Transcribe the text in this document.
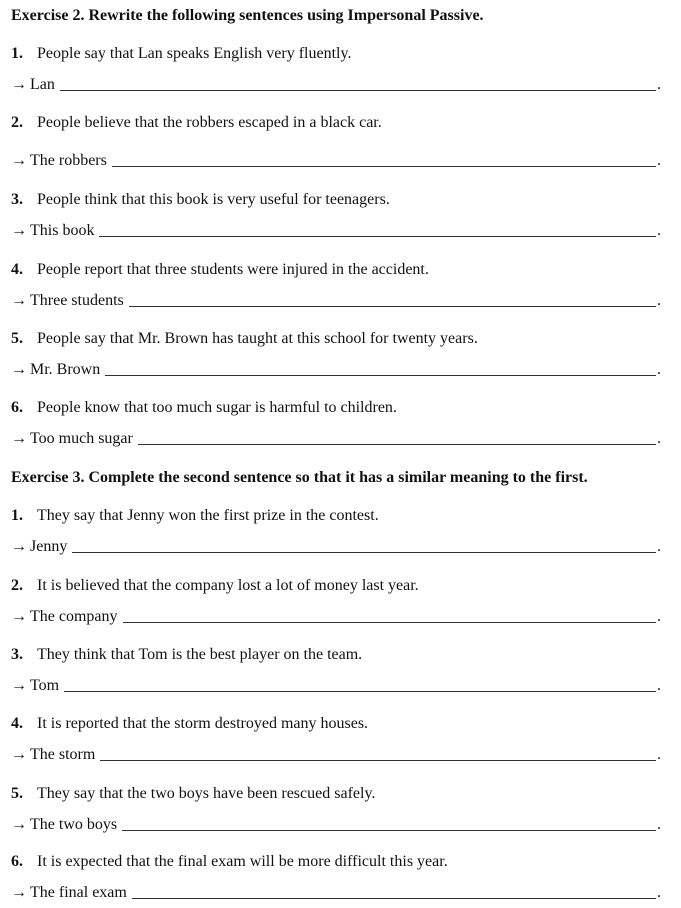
Exercise 2. Rewrite the following sentences using Impersonal Passive.
1. People say that Lan speaks English very fluently.
→ Lan	.
2. People believe that the robbers escaped in a black car.
→ The robbers	.
3. People think that this book is very useful for teenagers.
→ This book	.
4. People report that three students were injured in the accident.
→ Three students	.
5. People say that Mr. Brown has taught at this school for twenty years.
→ Mr. Brown	.
6. People know that too much sugar is harmful to children.
→ Too much sugar	.
Exercise 3. Complete the second sentence so that it has a similar meaning to the first.
1. They say that Jenny won the first prize in the contest.
→ Jenny	.
2. It is believed that the company lost a lot of money last year.
→ The company	.
3. They think that Tom is the best player on the team.
→ Tom	.
4. It is reported that the storm destroyed many houses.
→ The storm	.
5. They say that the two boys have been rescued safely.
→ The two boys	.
6. It is expected that the final exam will be more difficult this year.
→ The final exam	.
